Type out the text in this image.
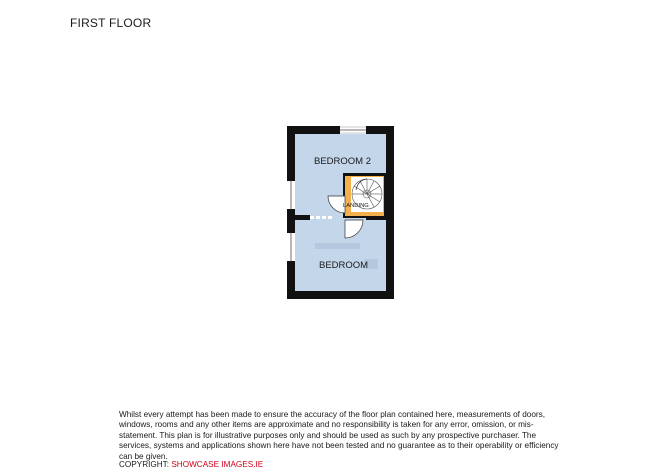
FIRST FLOOR
BEDROOM 2
LANDING
BEDROOM
Whilst every attempt has been made to ensure the accuracy of the floor plan contained here, measurements of doors, windows, rooms and any other items are approximate and no responsibility is taken for any error, omission, or mis-statement. This plan is for illustrative purposes only and should be used as such by any prospective purchaser. The services, systems and applications shown here have not been tested and no guarantee as to their operability or efficiency can be given.
COPYRIGHT: SHOWCASE IMAGES.IE
